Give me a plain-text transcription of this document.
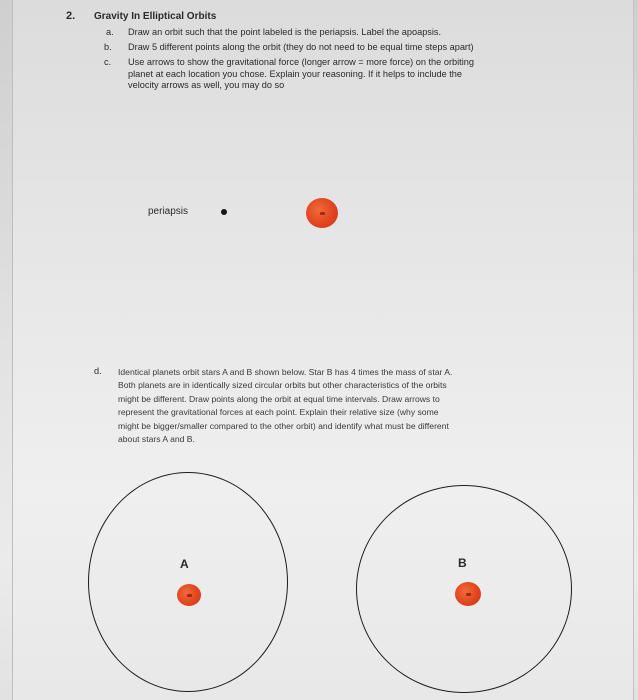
2. Gravity In Elliptical Orbits
a. Draw an orbit such that the point labeled is the periapsis. Label the apoapsis.
b. Draw 5 different points along the orbit (they do not need to be equal time steps apart)
c. Use arrows to show the gravitational force (longer arrow = more force) on the orbiting
planet at each location you chose. Explain your reasoning. If it helps to include the
velocity arrows as well, you may do so
periapsis
d. Identical planets orbit stars A and B shown below. Star B has 4 times the mass of star A.
Both planets are in identically sized circular orbits but other characteristics of the orbits
might be different. Draw points along the orbit at equal time intervals. Draw arrows to
represent the gravitational forces at each point. Explain their relative size (why some
might be bigger/smaller compared to the other orbit) and identify what must be different
about stars A and B.
A	B
